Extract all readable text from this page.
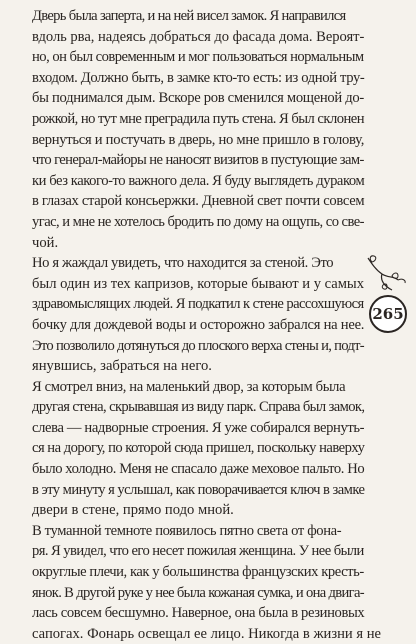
Дверь была заперта, и на ней висел замок. Я направился
вдоль рва, надеясь добраться до фасада дома. Вероят-
но, он был современным и мог пользоваться нормальным
входом. Должно быть, в замке кто-то есть: из одной тру-
бы поднимался дым. Вскоре ров сменился мощеной до-
рожкой, но тут мне преградила путь стена. Я был склонен
вернуться и постучать в дверь, но мне пришло в голову,
что генерал-майоры не наносят визитов в пустующие зам-
ки без какого-то важного дела. Я буду выглядеть дураком
в глазах старой консьержки. Дневной свет почти совсем
угас, и мне не хотелось бродить по дому на ощупь, со све-
чой.

Но я жаждал увидеть, что находится за стеной. Это
был один из тех капризов, которые бывают и у самых
здравомыслящих людей. Я подкатил к стене рассохшуюся
бочку для дождевой воды и осторожно забрался на нее.
Это позволило дотянуться до плоского верха стены и, подт-
янувшись, забраться на него.

Я смотрел вниз, на маленький двор, за которым была
другая стена, скрывавшая из виду парк. Справа был замок,
слева — надворные строения. Я уже собирался вернуть-
ся на дорогу, по которой сюда пришел, поскольку наверху
было холодно. Меня не спасало даже меховое пальто. Но
в эту минуту я услышал, как поворачивается ключ в замке
двери в стене, прямо подо мной.

В туманной темноте появилось пятно света от фона-
ря. Я увидел, что его несет пожилая женщина. У нее были
округлые плечи, как у большинства французских кресть-
янок. В другой руке у нее была кожаная сумка, и она двига-
лась совсем бесшумно. Наверное, она была в резиновых
сапогах. Фонарь освещал ее лицо. Никогда в жизни я не

265
